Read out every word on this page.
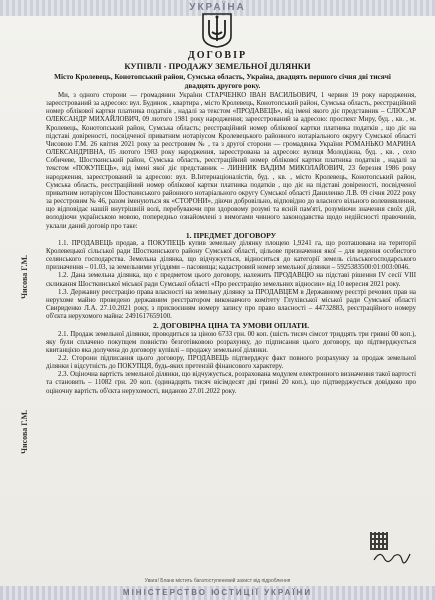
УКРАЇНА
ДОГОВІР
КУПІВЛІ - ПРОДАЖУ ЗЕМЕЛЬНОЇ ДІЛЯНКИ
Місто Кролевець, Конотопський район, Сумська область, Україна, двадцять першого січня дві тисячі двадцять другого року.

Ми, з одного сторони — громадянин України СТАРЧЕНКО ІВАН ВАСИЛЬОВИЧ, 1 червня 19 року народження, зареєстрований за адресою: вул. Будинок , квартира , місто Кролевець, Конотопський район, Сумська область, реєстраційний номер облікової картки платника податків , надалі за текстом «ПРОДАВЕЦЬ», від імені якого діє представник – СЛЮСАР ОЛЕКСАНДР МИХАЙЛОВИЧ, 09 лютого 1981 року народження; зареєстрований за адресою: проспект Миру, буд. , кв. , м. Кролевець, Конотопський район, Сумська область; реєстраційний номер облікової картки платника податків , що діє на підставі довіреності, посвідченої приватним нотаріусом Кролевецького районного нотаріального округу Сумської області Чисовою Г.М. 26 квітня 2021 року за реєстровим № , та з другої сторони — громадянка України РОМАНЬКО МАРИНА ОЛЕКСАНДРІВНА, 05 лютого 1983 року народження, зареєстрована за адресою: вулиця Молодіжна, буд. , кв. , село Собичеве, Шосткинський район, Сумська область, реєстраційний номер облікової картки платника податків , надалі за текстом «ПОКУПЕЦЬ», від імені якої діє представник – ЛИННИК ВАДИМ МИКОЛАЙОВИЧ, 23 березня 1986 року народження, зареєстрований за адресою: вул. В.Інтернаціоналістів, буд. , кв. , місто Кролевець, Конотопський район, Сумська область, реєстраційний номер облікової картки платника податків , що діє на підставі довіреності, посвідченої приватним нотаріусом Шосткинського районного нотаріального округу Сумської області Даниленко Л.В. 09 січня 2022 року за реєстровим № 46, разом іменуються як «СТОРОНИ», діючи добровільно, відповідно до власного вільного волевиявлення, що відповідає нашій внутрішній волі, перебуваючи при здоровому розумі та ясній пам'яті, розуміючи значення своїх дій, володіючи українською мовою, попередньо ознайомлені з вимогами чинного законодавства щодо недійсності правочинів, уклали даний договір про таке:

1. ПРЕДМЕТ ДОГОВОРУ

1.1. ПРОДАВЕЦЬ продав, а ПОКУПЕЦЬ купив земельну ділянку площею 1,9241 га, що розташована на території Кролевецької сільської ради Шосткинського району Сумської області, цільове призначення якої – для ведення особистого селянського господарства. Земельна ділянка, що відчужується, відноситься до категорії земель сільськогосподарського призначення – 01.03, за земельними угіддями – пасовища; кадастровий номер земельної ділянки – 5925383500:01:003:0046.

1.2. Дана земельна ділянка, що є предметом цього договору, належить ПРОДАВЦЮ на підставі рішення IV сесії VIII скликання Шосткинської міської ради Сумської області «Про реєстрацію земельних відносин» від 10 вересня 2021 року.

1.3. Державну реєстрацію права власності на земельну ділянку за ПРОДАВЦЕМ в Державному реєстрі речових прав на нерухоме майно проведено державним реєстратором виконавчого комітету Глухівської міської ради Сумської області Свириденко Л.А. 27.10.2021 року, з присвоєнням номеру запису про право власності – 44732883, реєстраційного номеру об'єкта нерухомого майна: 2491617659100.

2. ДОГОВІРНА ЦІНА ТА УМОВИ ОПЛАТИ.

2.1. Продаж земельної ділянки, проводиться за ціною 6733 грн. 00 коп. (шість тисяч сімсот тридцять три гривні 00 коп.), яку були сплачено покупцем повністю безготівковою розрахунку, до підписання цього договору, що підтверджується квитанцією яка долучена до договору купівлі – продажу земельної ділянки.

2.2. Сторони підписання цього договору, ПРОДАВЕЦЬ підтверджує факт повного розрахунку за продаж земельної ділянки і відсутність до ПОКУПЦЯ, будь-яких претензій фінансового характеру.

2.3. Оціночна вартість земельної ділянки, що відчужується, розрахована модулем електронного визначення такої вартості та становить – 11082 грн. 20 коп. (одинадцять тисяч вісімдесят дві гривні 20 коп.), що підтверджується довідкою про оціночну вартість об'єкта нерухомості, виданою 27.01.2022 року.

Чисова Г.М.
Чисова Г.М.
Увага! Бланк містить багатоступеневий захист від підроблення
МІНІСТЕРСТВО ЮСТИЦІЇ УКРАЇНИ
